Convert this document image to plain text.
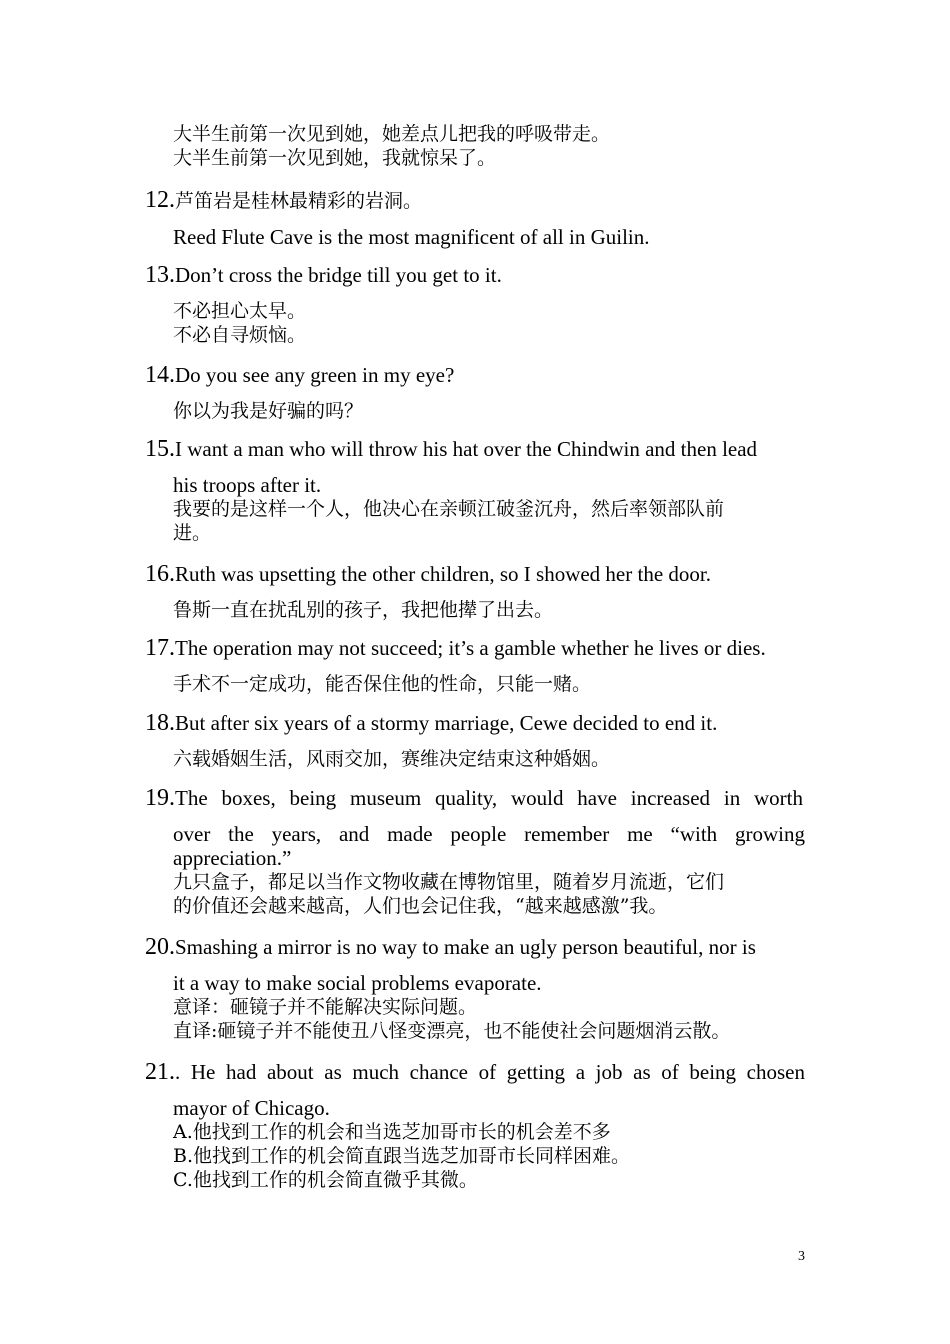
大半生前第一次见到她，她差点儿把我的呼吸带走。
大半生前第一次见到她，我就惊呆了。
12. 芦笛岩是桂林最精彩的岩洞。
Reed Flute Cave is the most magnificent of all in Guilin.
13. Don’t cross the bridge till you get to it.
不必担心太早。
不必自寻烦恼。
14. Do you see any green in my eye?
你以为我是好骗的吗？
15. I want a man who will throw his hat over the Chindwin and then lead
his troops after it.
我要的是这样一个人，他决心在亲顿江破釜沉舟，然后率领部队前
进。
16. Ruth was upsetting the other children, so I showed her the door.
鲁斯一直在扰乱别的孩子，我把他撵了出去。
17. The operation may not succeed; it’s a gamble whether he lives or dies.
手术不一定成功，能否保住他的性命，只能一赌。
18. But after six years of a stormy marriage, Cewe decided to end it.
六载婚姻生活，风雨交加，赛维决定结束这种婚姻。
19. The boxes, being museum quality, would have increased in worth
over the years, and made people remember me “with growing
appreciation.”
九只盒子，都足以当作文物收藏在博物馆里，随着岁月流逝，它们
的价值还会越来越高，人们也会记住我，“越来越感激”我。
20. Smashing a mirror is no way to make an ugly person beautiful, nor is
it a way to make social problems evaporate.
意译：砸镜子并不能解决实际问题。
直译:砸镜子并不能使丑八怪变漂亮，也不能使社会问题烟消云散。
21. . He had about as much chance of getting a job as of being chosen
mayor of Chicago.
A.他找到工作的机会和当选芝加哥市长的机会差不多
B.他找到工作的机会简直跟当选芝加哥市长同样困难。
C.他找到工作的机会简直微乎其微。
3
